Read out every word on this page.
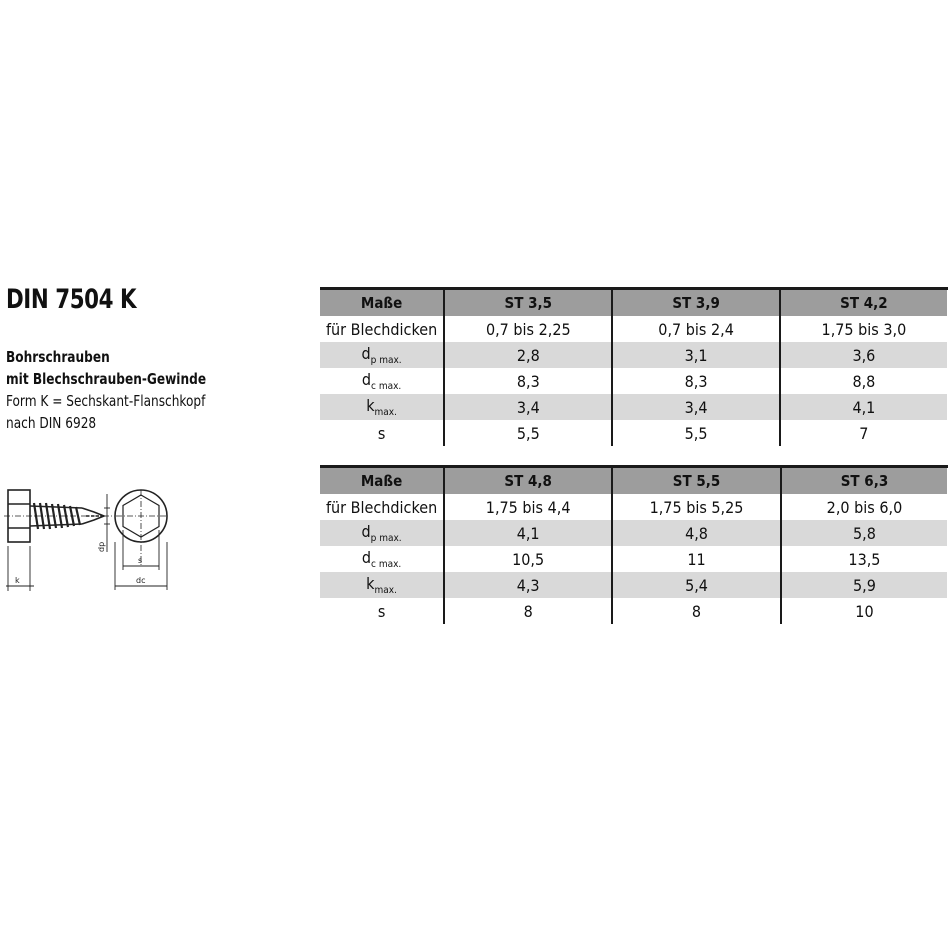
DIN 7504 K
Bohrschrauben
mit Blechschrauben-Gewinde
Form K = Sechskant-Flanschkopf
nach DIN 6928
k
dp
s
dc
Maße	ST 3,5	ST 3,9	ST 4,2
für Blechdicken	0,7 bis 2,25	0,7 bis 2,4	1,75 bis 3,0
$d_{p max.}$	2,8	3,1	3,6
$d_{c max.}$	8,3	8,3	8,8
$k_{max.}$	3,4	3,4	4,1
s	5,5	5,5	7
Maße	ST 4,8	ST 5,5	ST 6,3
für Blechdicken	1,75 bis 4,4	1,75 bis 5,25	2,0 bis 6,0
$d_{p max.}$	4,1	4,8	5,8
$d_{c max.}$	10,5	11	13,5
$k_{max.}$	4,3	5,4	5,9
s	8	8	10
